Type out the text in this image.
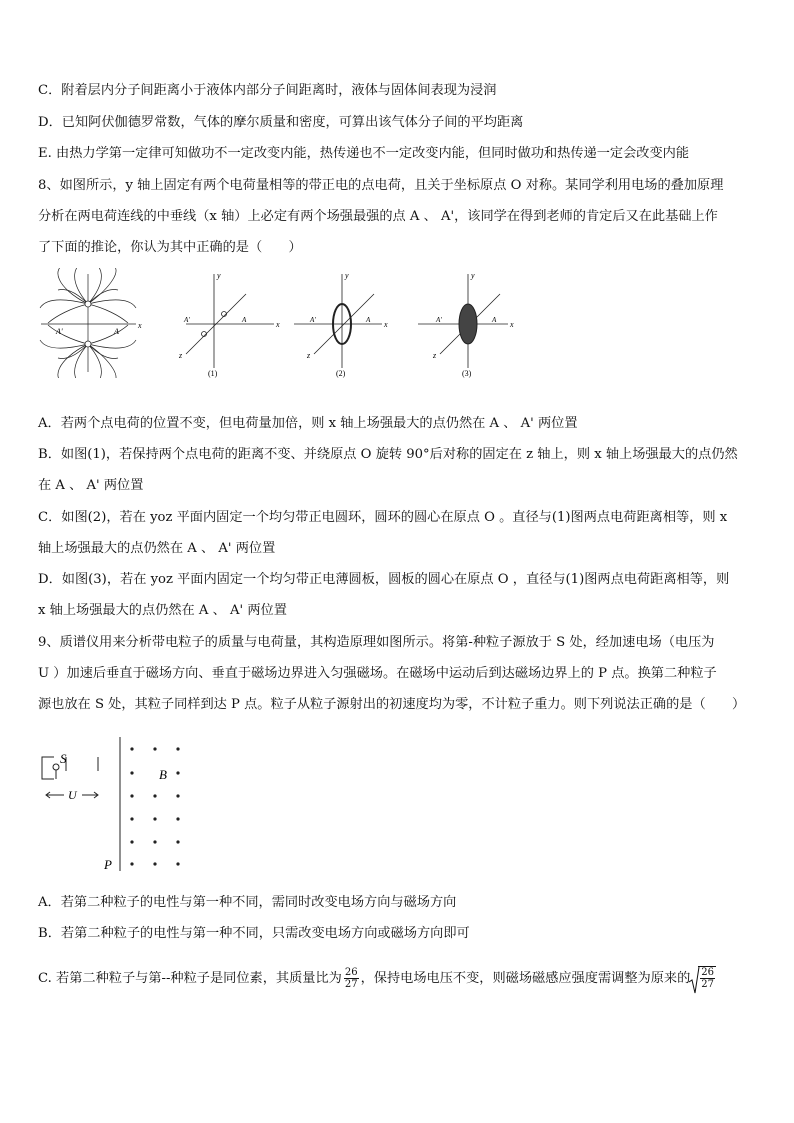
C．附着层内分子间距离小于液体内部分子间距离时，液体与固体间表现为浸润
D．已知阿伏伽德罗常数，气体的摩尔质量和密度，可算出该气体分子间的平均距离
E. 由热力学第一定律可知做功不一定改变内能，热传递也不一定改变内能，但同时做功和热传递一定会改变内能
8、如图所示，y 轴上固定有两个电荷量相等的带正电的点电荷，且关于坐标原点 O 对称。某同学利用电场的叠加原理
分析在两电荷连线的中垂线（x 轴）上必定有两个场强最强的点 A 、 A'，该同学在得到老师的肯定后又在此基础上作
了下面的推论，你认为其中正确的是（　　）
x
A'	A
x
y
z
A'	A
(1)
x
y
z
A'	A
(2)
x
y
z
A'	A
(3)
A．若两个点电荷的位置不变，但电荷量加倍，则 x 轴上场强最大的点仍然在 A 、 A' 两位置
B．如图(1)，若保持两个点电荷的距离不变、并绕原点 O 旋转 90°后对称的固定在 z 轴上，则 x 轴上场强最大的点仍然
在 A 、 A' 两位置
C．如图(2)，若在 yoz 平面内固定一个均匀带正电圆环，圆环的圆心在原点 O 。直径与(1)图两点电荷距离相等，则 x
轴上场强最大的点仍然在 A 、 A' 两位置
D．如图(3)，若在 yoz 平面内固定一个均匀带正电薄圆板，圆板的圆心在原点 O ，直径与(1)图两点电荷距离相等，则
x 轴上场强最大的点仍然在 A 、 A' 两位置
9、质谱仪用来分析带电粒子的质量与电荷量，其构造原理如图所示。将第-种粒子源放于 S 处，经加速电场（电压为
U ）加速后垂直于磁场方向、垂直于磁场边界进入匀强磁场。在磁场中运动后到达磁场边界上的 P 点。换第二种粒子
源也放在 S 处，其粒子同样到达 P 点。粒子从粒子源射出的初速度均为零，不计粒子重力。则下列说法正确的是（　　）
S
U
B
P
A．若第二种粒子的电性与第一种不同，需同时改变电场方向与磁场方向
B．若第二种粒子的电性与第一种不同，只需改变电场方向或磁场方向即可
C. 若第二种粒子与第--种粒子是同位素，其质量比为 $\frac{26}{27}$ ，保持电场电压不变，则磁场磁感应强度需调整为原来的 $\frac{26}{27}$
